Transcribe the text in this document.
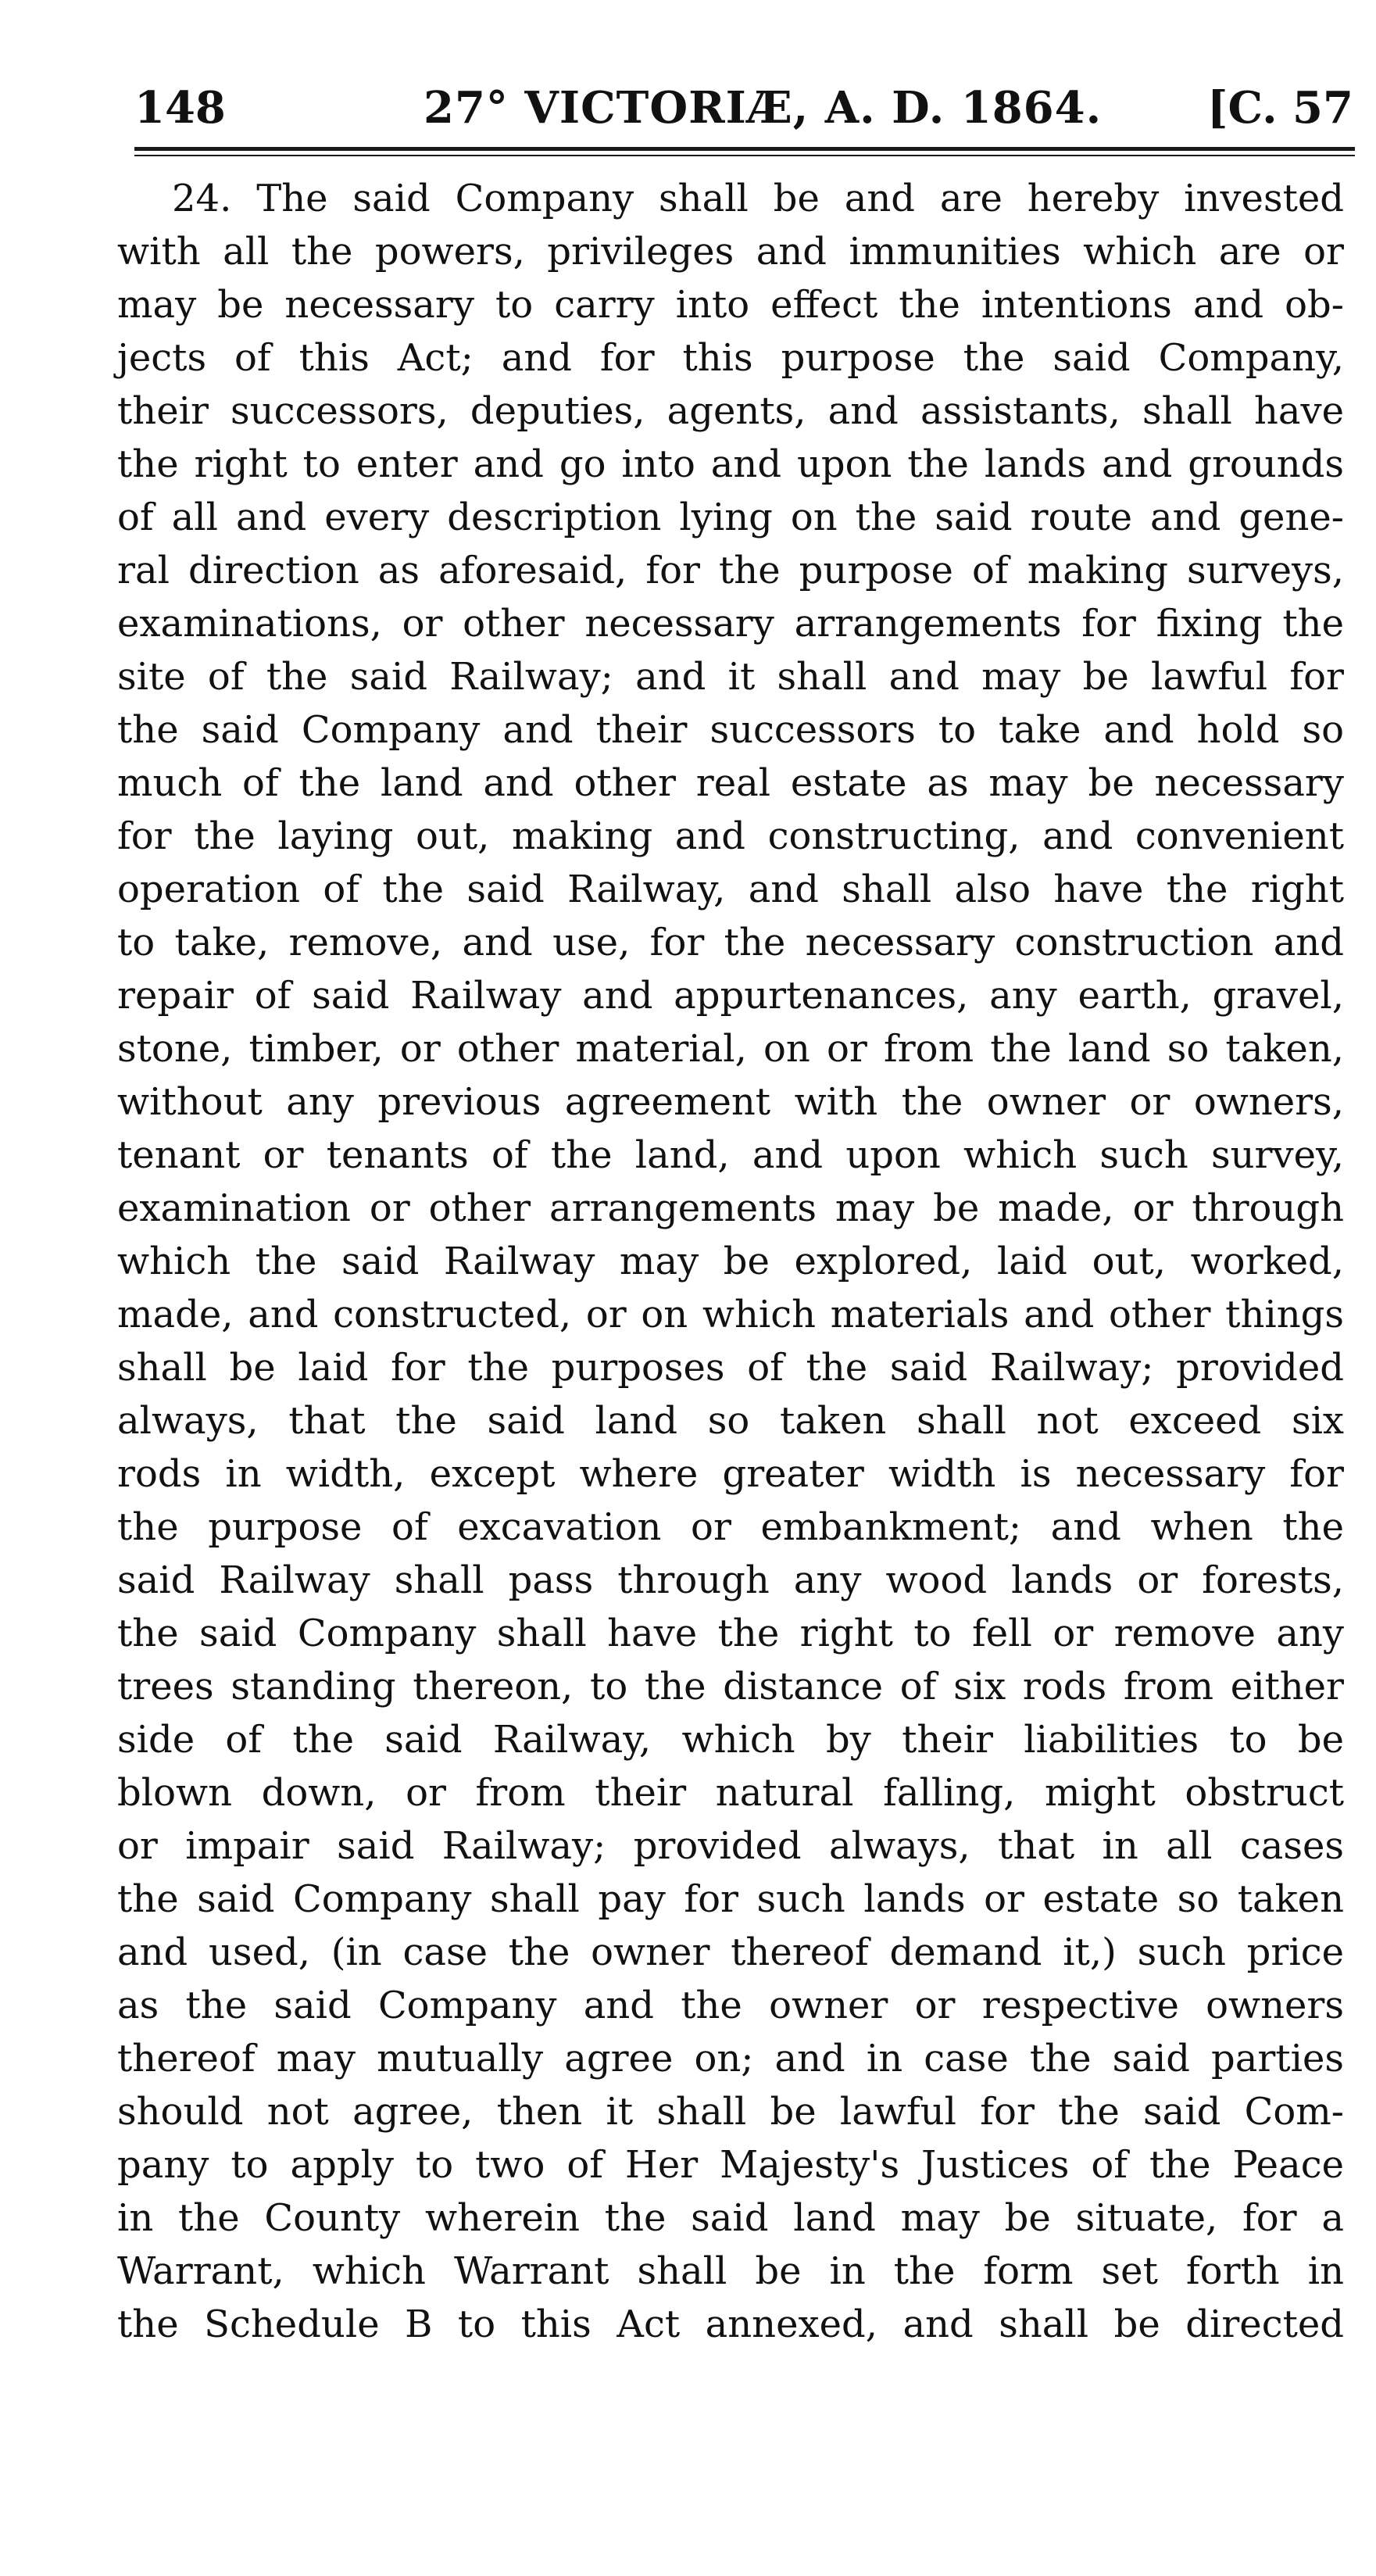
148	27° VICTORIÆ, A. D. 1864. [C. 57
24. The said Company shall be and are hereby invested
with all the powers, privileges and immunities which are or
may be necessary to carry into effect the intentions and ob-
jects of this Act; and for this purpose the said Company,
their successors, deputies, agents, and assistants, shall have
the right to enter and go into and upon the lands and grounds
of all and every description lying on the said route and gene-
ral direction as aforesaid, for the purpose of making surveys,
examinations, or other necessary arrangements for fixing the
site of the said Railway; and it shall and may be lawful for
the said Company and their successors to take and hold so
much of the land and other real estate as may be necessary
for the laying out, making and constructing, and convenient
operation of the said Railway, and shall also have the right
to take, remove, and use, for the necessary construction and
repair of said Railway and appurtenances, any earth, gravel,
stone, timber, or other material, on or from the land so taken,
without any previous agreement with the owner or owners,
tenant or tenants of the land, and upon which such survey,
examination or other arrangements may be made, or through
which the said Railway may be explored, laid out, worked,
made, and constructed, or on which materials and other things
shall be laid for the purposes of the said Railway; provided
always, that the said land so taken shall not exceed six
rods in width, except where greater width is necessary for
the purpose of excavation or embankment; and when the
said Railway shall pass through any wood lands or forests,
the said Company shall have the right to fell or remove any
trees standing thereon, to the distance of six rods from either
side of the said Railway, which by their liabilities to be
blown down, or from their natural falling, might obstruct
or impair said Railway; provided always, that in all cases
the said Company shall pay for such lands or estate so taken
and used, (in case the owner thereof demand it,) such price
as the said Company and the owner or respective owners
thereof may mutually agree on; and in case the said parties
should not agree, then it shall be lawful for the said Com-
pany to apply to two of Her Majesty's Justices of the Peace
in the County wherein the said land may be situate, for a
Warrant, which Warrant shall be in the form set forth in
the Schedule B to this Act annexed, and shall be directed
